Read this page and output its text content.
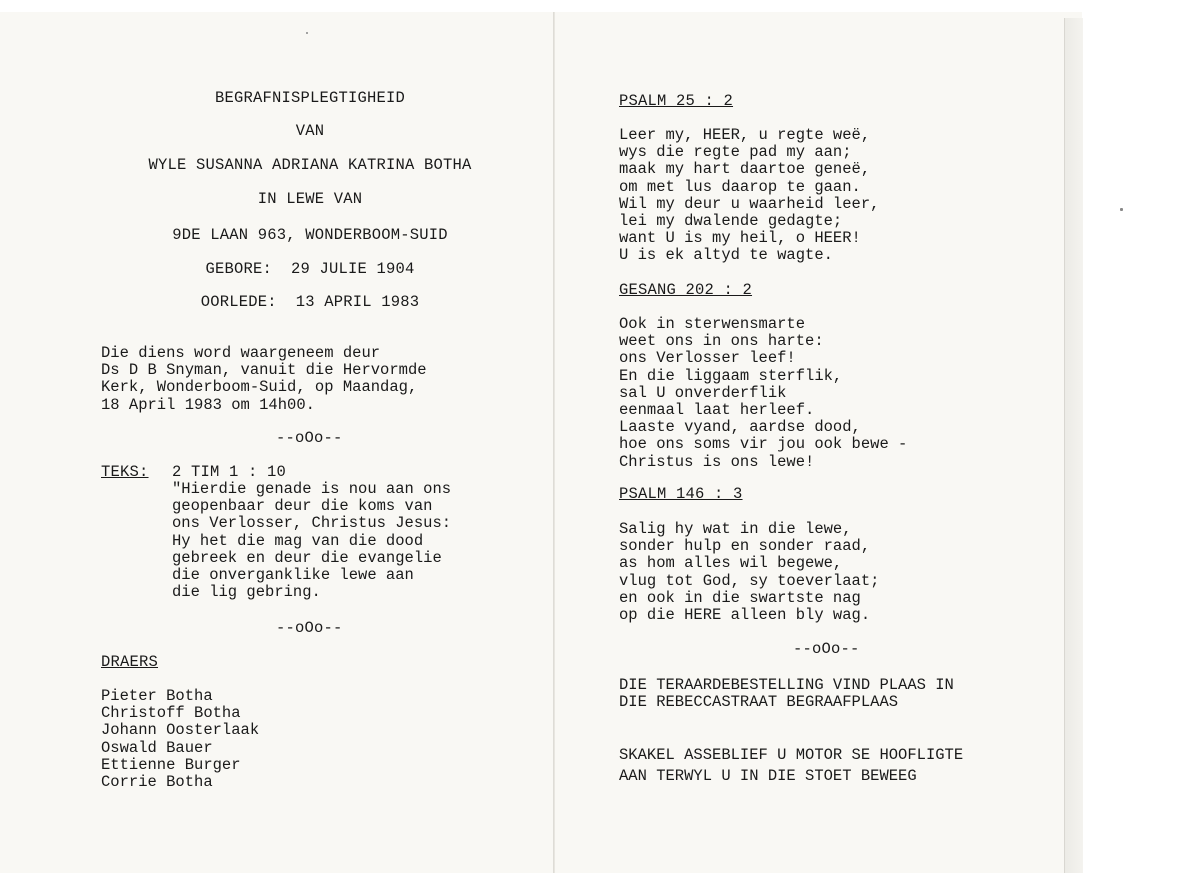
BEGRAFNISPLEGTIGHEID
VAN
WYLE SUSANNA ADRIANA KATRINA BOTHA
IN LEWE VAN
9DE LAAN 963, WONDERBOOM-SUID
GEBORE:  29 JULIE 1904
OORLEDE:  13 APRIL 1983
Die diens word waargeneem deur
Ds D B Snyman, vanuit die Hervormde
Kerk, Wonderboom-Suid, op Maandag,
18 April 1983 om 14h00.
--oOo--
TEKS: 2 TIM 1 : 10
"Hierdie genade is nou aan ons
geopenbaar deur die koms van
ons Verlosser, Christus Jesus:
Hy het die mag van die dood
gebreek en deur die evangelie
die onverganklike lewe aan
die lig gebring.
--oOo--
DRAERS
Pieter Botha
Christoff Botha
Johann Oosterlaak
Oswald Bauer
Ettienne Burger
Corrie Botha
PSALM 25 : 2
Leer my, HEER, u regte weë,
wys die regte pad my aan;
maak my hart daartoe geneë,
om met lus daarop te gaan.
Wil my deur u waarheid leer,
lei my dwalende gedagte;
want U is my heil, o HEER!
U is ek altyd te wagte.
GESANG 202 : 2
Ook in sterwensmarte
weet ons in ons harte:
ons Verlosser leef!
En die liggaam sterflik,
sal U onverderflik
eenmaal laat herleef.
Laaste vyand, aardse dood,
hoe ons soms vir jou ook bewe -
Christus is ons lewe!
PSALM 146 : 3
Salig hy wat in die lewe,
sonder hulp en sonder raad,
as hom alles wil begewe,
vlug tot God, sy toeverlaat;
en ook in die swartste nag
op die HERE alleen bly wag.
--oOo--
DIE TERAARDEBESTELLING VIND PLAAS IN
DIE REBECCASTRAAT BEGRAAFPLAAS
SKAKEL ASSEBLIEF U MOTOR SE HOOFLIGTE
AAN TERWYL U IN DIE STOET BEWEEG
